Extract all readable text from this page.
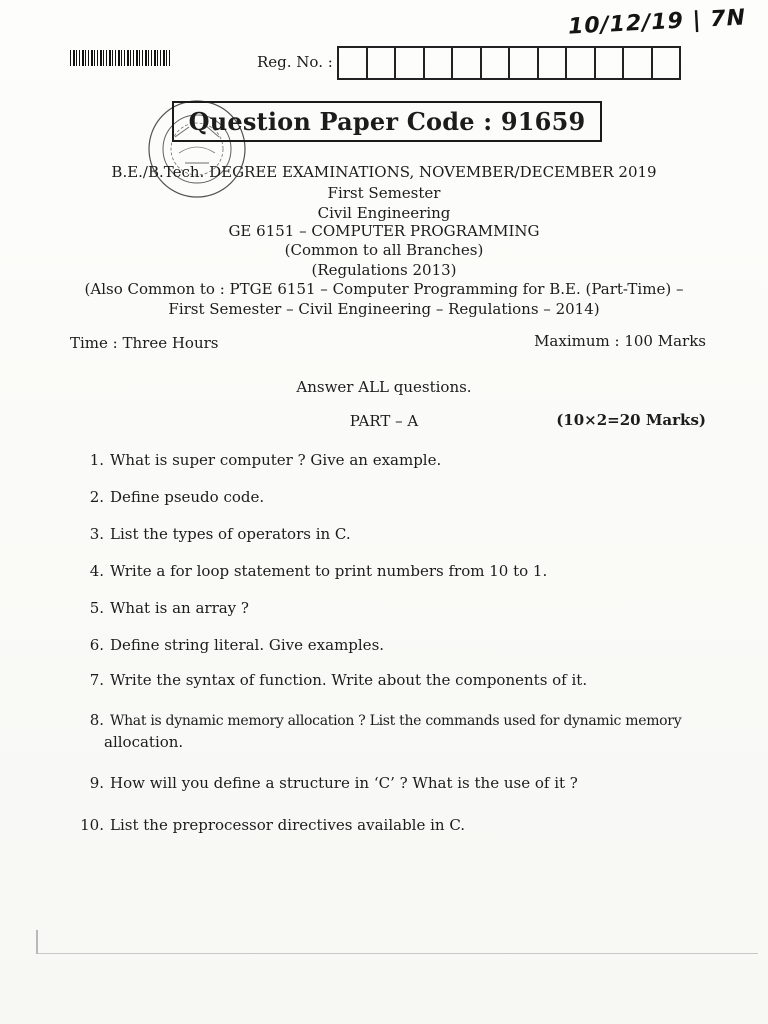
10/12/19 | 7N
Reg. No. :
Question Paper Code : 91659
B.E./B.Tech. DEGREE EXAMINATIONS, NOVEMBER/DECEMBER 2019
First Semester
Civil Engineering
GE 6151 – COMPUTER PROGRAMMING
(Common to all Branches)
(Regulations 2013)
(Also Common to : PTGE 6151 – Computer Programming for B.E. (Part-Time) –
First Semester – Civil Engineering – Regulations – 2014)
Time : Three Hours	Maximum : 100 Marks
Answer ALL questions.
PART – A	(10×2=20 Marks)
1. What is super computer ? Give an example.
2. Define pseudo code.
3. List the types of operators in C.
4. Write a for loop statement to print numbers from 10 to 1.
5. What is an array ?
6. Define string literal. Give examples.
7. Write the syntax of function. Write about the components of it.
8. What is dynamic memory allocation ? List the commands used for dynamic memory
allocation.
9. How will you define a structure in ‘C’ ? What is the use of it ?
10. List the preprocessor directives available in C.
